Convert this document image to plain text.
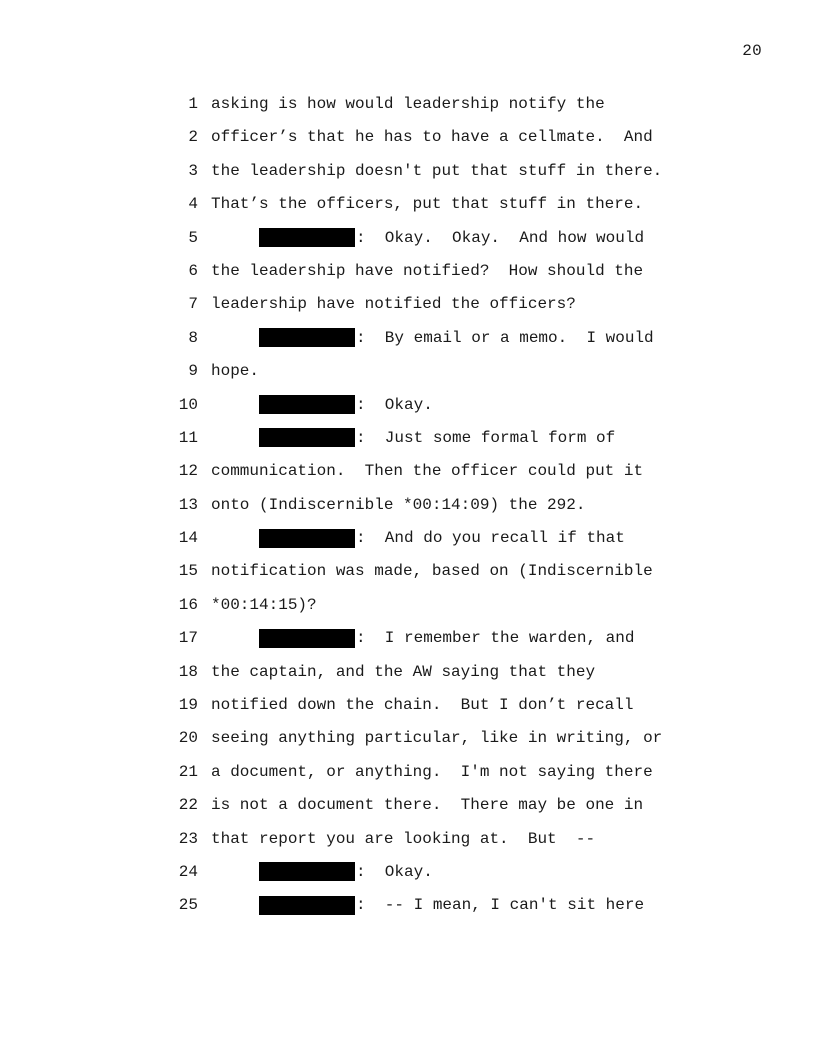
20
1 asking is how would leadership notify the
2 officer’s that he has to have a cellmate.  And
3 the leadership doesn't put that stuff in there.
4 That’s the officers, put that stuff in there.
5	:  Okay.  Okay.  And how would
6 the leadership have notified?  How should the
7 leadership have notified the officers?
8	:  By email or a memo.  I would
9 hope.
10	:  Okay.
11	:  Just some formal form of
12 communication.  Then the officer could put it
13 onto (Indiscernible *00:14:09) the 292.
14	:  And do you recall if that
15 notification was made, based on (Indiscernible
16 *00:14:15)?
17	:  I remember the warden, and
18 the captain, and the AW saying that they
19 notified down the chain.  But I don’t recall
20 seeing anything particular, like in writing, or
21 a document, or anything.  I'm not saying there
22 is not a document there.  There may be one in
23 that report you are looking at.  But  --
24	:  Okay.
25	:  -- I mean, I can't sit here
